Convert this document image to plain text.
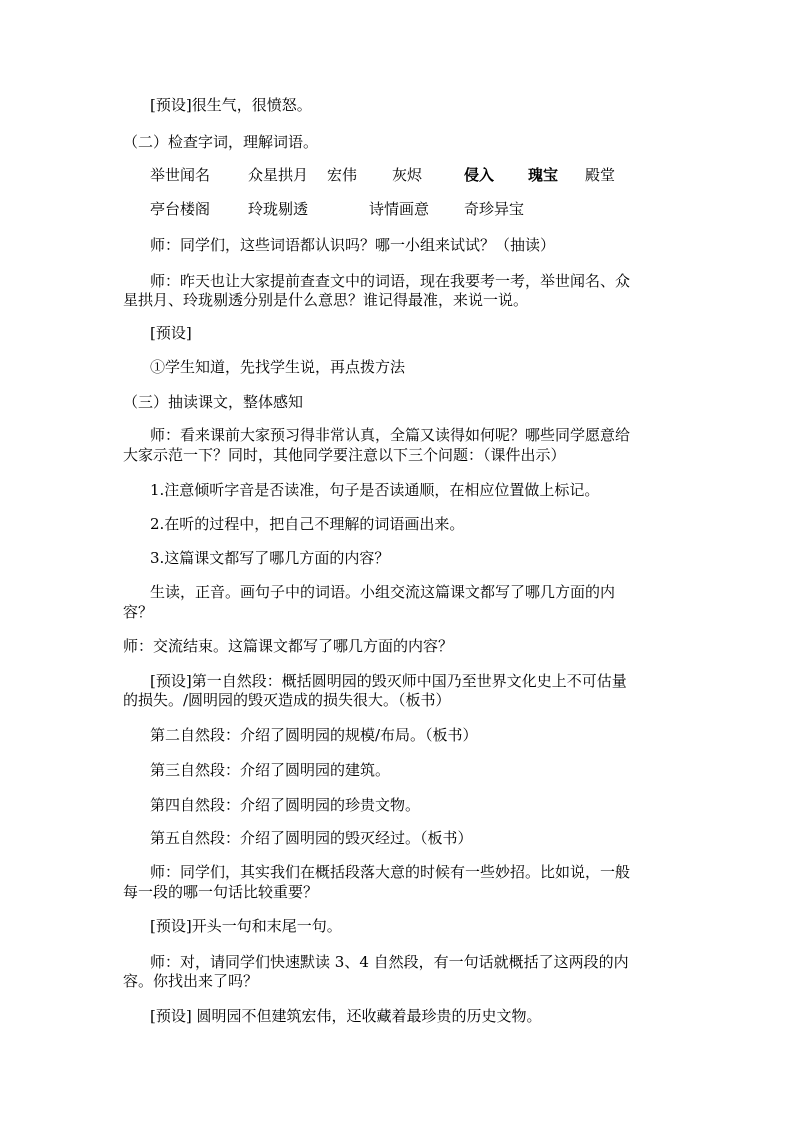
[预设]很生气，很愤怒。
（二）检查字词，理解词语。
举世闻名	众星拱月 宏伟 灰烬	侵入 瑰宝 殿堂
亭台楼阁	玲珑剔透	诗情画意 奇珍异宝
师：同学们，这些词语都认识吗？哪一小组来试试？（抽读）
师：昨天也让大家提前查查文中的词语，现在我要考一考，举世闻名、众
星拱月、玲珑剔透分别是什么意思？谁记得最准，来说一说。
[预设]
①学生知道，先找学生说，再点拨方法
（三）抽读课文，整体感知
师：看来课前大家预习得非常认真，全篇又读得如何呢？哪些同学愿意给
大家示范一下？同时，其他同学要注意以下三个问题：（课件出示）
1.注意倾听字音是否读准，句子是否读通顺，在相应位置做上标记。
2.在听的过程中，把自己不理解的词语画出来。
3.这篇课文都写了哪几方面的内容？
生读，正音。画句子中的词语。小组交流这篇课文都写了哪几方面的内
容？
师：交流结束。这篇课文都写了哪几方面的内容？
[预设]第一自然段：概括圆明园的毁灭师中国乃至世界文化史上不可估量
的损失。/圆明园的毁灭造成的损失很大。（板书）
第二自然段：介绍了圆明园的规模/布局。（板书）
第三自然段：介绍了圆明园的建筑。
第四自然段：介绍了圆明园的珍贵文物。
第五自然段：介绍了圆明园的毁灭经过。（板书）
师：同学们，其实我们在概括段落大意的时候有一些妙招。比如说，一般
每一段的哪一句话比较重要？
[预设]开头一句和末尾一句。
师：对，请同学们快速默读 3、4 自然段，有一句话就概括了这两段的内
容。你找出来了吗？
[预设] 圆明园不但建筑宏伟，还收藏着最珍贵的历史文物。
